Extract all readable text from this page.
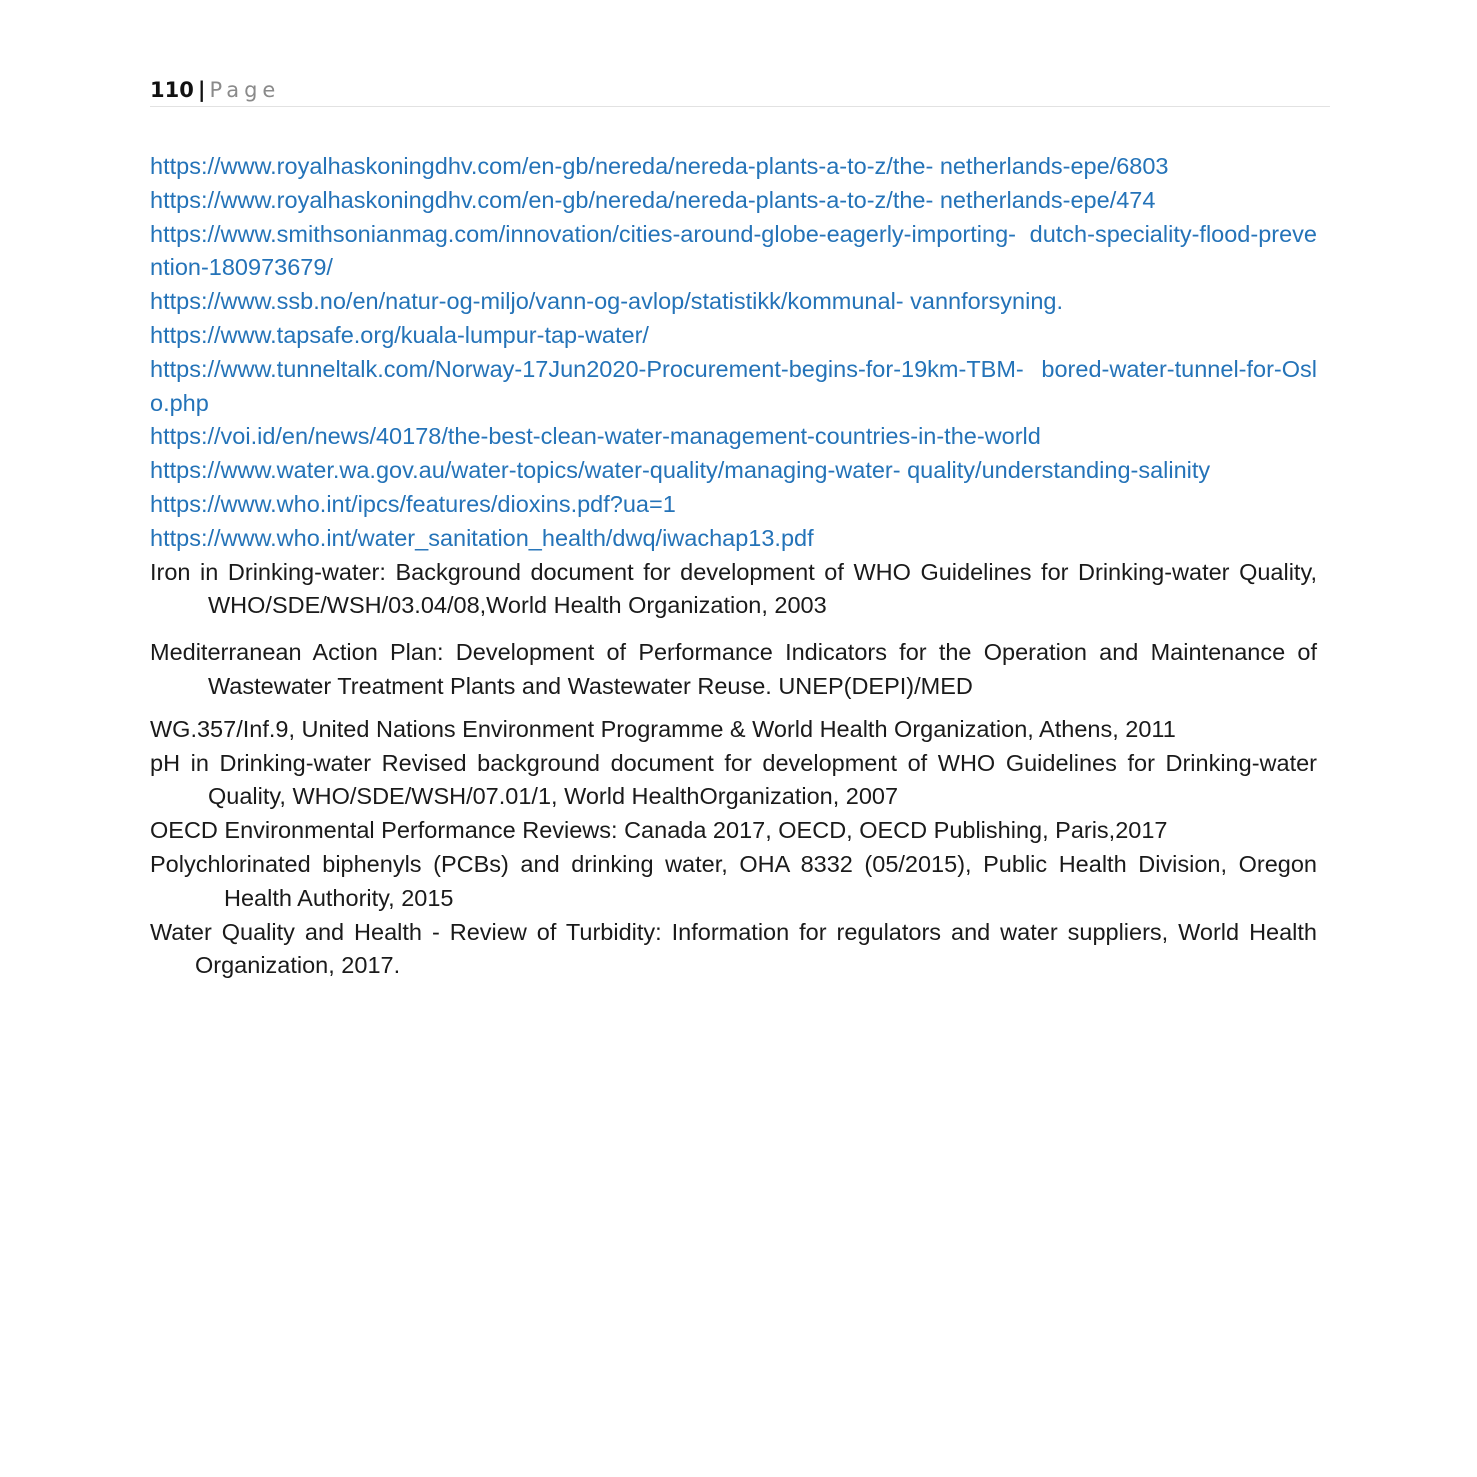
110 | Page
https://www.royalhaskoningdhv.com/en-gb/nereda/nereda-plants-a-to-z/the- netherlands-epe/6803
https://www.royalhaskoningdhv.com/en-gb/nereda/nereda-plants-a-to-z/the- netherlands-epe/474
https://www.smithsonianmag.com/innovation/cities-around-globe-eagerly-importing- dutch-speciality-flood-prevention-180973679/
https://www.ssb.no/en/natur-og-miljo/vann-og-avlop/statistikk/kommunal- vannforsyning.
https://www.tapsafe.org/kuala-lumpur-tap-water/
https://www.tunneltalk.com/Norway-17Jun2020-Procurement-begins-for-19km-TBM- bored-water-tunnel-for-Oslo.php
https://voi.id/en/news/40178/the-best-clean-water-management-countries-in-the-world
https://www.water.wa.gov.au/water-topics/water-quality/managing-water- quality/understanding-salinity
https://www.who.int/ipcs/features/dioxins.pdf?ua=1
https://www.who.int/water_sanitation_health/dwq/iwachap13.pdf

Iron in Drinking-water: Background document for development of WHO Guidelines for Drinking-water Quality, WHO/SDE/WSH/03.04/08,World Health Organization, 2003

Mediterranean Action Plan: Development of Performance Indicators for the Operation and Maintenance of Wastewater Treatment Plants and Wastewater Reuse. UNEP(DEPI)/MED

WG.357/Inf.9, United Nations Environment Programme & World Health Organization, Athens, 2011

pH in Drinking-water Revised background document for development of WHO Guidelines for Drinking-water Quality, WHO/SDE/WSH/07.01/1, World HealthOrganization, 2007

OECD Environmental Performance Reviews: Canada 2017, OECD, OECD Publishing, Paris,2017

Polychlorinated biphenyls (PCBs) and drinking water, OHA 8332 (05/2015), Public Health Division, Oregon Health Authority, 2015

Water Quality and Health - Review of Turbidity: Information for regulators and water suppliers, World Health Organization, 2017.
